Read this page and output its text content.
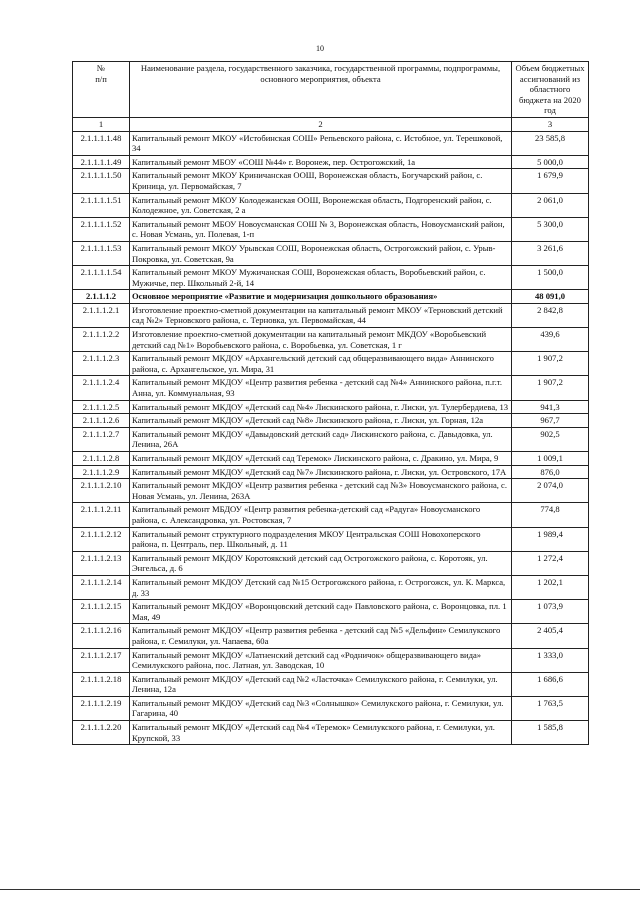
10
№
п/п	Наименование раздела, государственного заказчика, государственной программы, подпрограммы, основного мероприятия, объекта	Объем бюджетных ассигнований из областного бюджета на 2020 год
1	2	3
2.1.1.1.1.48	Капитальный ремонт МКОУ «Истобинская СОШ» Репьевского района, с. Истобное, ул. Терешковой, 34	23 585,8
2.1.1.1.1.49	Капитальный ремонт МБОУ «СОШ №44» г. Воронеж, пер. Острогожский, 1а	5 000,0
2.1.1.1.1.50	Капитальный ремонт МКОУ Криничанская ООШ, Воронежская область, Богучарский район, с. Криница, ул. Первомайская, 7	1 679,9
2.1.1.1.1.51	Капитальный ремонт МКОУ Колодежанская ООШ, Воронежская область, Подгоренский район, с. Колодежное, ул. Советская, 2 а	2 061,0
2.1.1.1.1.52	Капитальный ремонт МБОУ Новоусманская СОШ № 3, Воронежская область, Новоусманский район, с. Новая Усмань, ул. Полевая, 1-п	5 300,0
2.1.1.1.1.53	Капитальный ремонт МКОУ Урывская СОШ, Воронежская область, Острогожский район, с. Урыв-Покровка, ул. Советская, 9а	3 261,6
2.1.1.1.1.54	Капитальный ремонт МКОУ Мужичанская СОШ, Воронежская область, Воробьевский район, с. Мужичье, пер. Школьный 2-й, 14	1 500,0
2.1.1.1.2	Основное мероприятие «Развитие и модернизация дошкольного образования»	48 091,0
2.1.1.1.2.1	Изготовление проектно-сметной документации на капитальный ремонт МКОУ «Терновский детский сад №2» Терновского района, с. Терновка, ул. Первомайская, 44	2 842,8
2.1.1.1.2.2	Изготовление проектно-сметной документации на капитальный ремонт МКДОУ «Воробьевский детский сад №1» Воробьевского района, с. Воробьевка, ул. Советская, 1 г	439,6
2.1.1.1.2.3	Капитальный ремонт МКДОУ «Архангельский детский сад общеразвивающего вида» Аннинского района, с. Архангельское, ул. Мира, 31	1 907,2
2.1.1.1.2.4	Капитальный ремонт МКДОУ «Центр развития ребенка - детский сад №4» Аннинского района, п.г.т. Анна, ул. Коммунальная, 93	1 907,2
2.1.1.1.2.5	Капитальный ремонт МКДОУ «Детский сад №4» Лискинского района, г. Лиски, ул. Тулербердиева, 13	941,3
2.1.1.1.2.6	Капитальный ремонт МКДОУ «Детский сад №8» Лискинского района, г. Лиски, ул. Горная, 12а	967,7
2.1.1.1.2.7	Капитальный ремонт МКДОУ «Давыдовский детский сад» Лискинского района, с. Давыдовка, ул. Ленина, 26А	902,5
2.1.1.1.2.8	Капитальный ремонт МКДОУ «Детский сад Теремок» Лискинского района, с. Дракино, ул. Мира, 9	1 009,1
2.1.1.1.2.9	Капитальный ремонт МКДОУ «Детский сад №7» Лискинского района, г. Лиски, ул. Островского, 17А	876,0
2.1.1.1.2.10	Капитальный ремонт МКДОУ «Центр развития ребенка - детский сад №3» Новоусманского района, с. Новая Усмань, ул. Ленина, 263А	2 074,0
2.1.1.1.2.11	Капитальный ремонт МБДОУ «Центр развития ребенка-детский сад «Радуга» Новоусманского района, с. Александровка, ул. Ростовская, 7	774,8
2.1.1.1.2.12	Капитальный ремонт структурного подразделения МКОУ Центральская СОШ Новохоперского района, п. Централь, пер. Школьный, д. 11	1 989,4
2.1.1.1.2.13	Капитальный ремонт МКДОУ Коротоякский детский сад Острогожского района, с. Коротояк, ул. Энгельса, д. 6	1 272,4
2.1.1.1.2.14	Капитальный ремонт МКДОУ Детский сад №15 Острогожского района, г. Острогожск, ул. К. Маркса, д. 33	1 202,1
2.1.1.1.2.15	Капитальный ремонт МКДОУ «Воронцовский детский сад» Павловского района, с. Воронцовка, пл. 1 Мая, 49	1 073,9
2.1.1.1.2.16	Капитальный ремонт МКДОУ «Центр развития ребенка - детский сад №5 «Дельфин» Семилукского района, г. Семилуки, ул. Чапаева, 60а	2 405,4
2.1.1.1.2.17	Капитальный ремонт МКДОУ «Латненский детский сад «Родничок» общеразвивающего вида» Семилукского района, пос. Латная, ул. Заводская, 10	1 333,0
2.1.1.1.2.18	Капитальный ремонт МКДОУ «Детский сад №2 «Ласточка» Семилукского района, г. Семилуки, ул. Ленина, 12а	1 686,6
2.1.1.1.2.19	Капитальный ремонт МКДОУ «Детский сад №3 «Солнышко» Семилукского района, г. Семилуки, ул. Гагарина, 40	1 763,5
2.1.1.1.2.20	Капитальный ремонт МКДОУ «Детский сад №4 «Теремок» Семилукского района, г. Семилуки, ул. Крупской, 33	1 585,8
